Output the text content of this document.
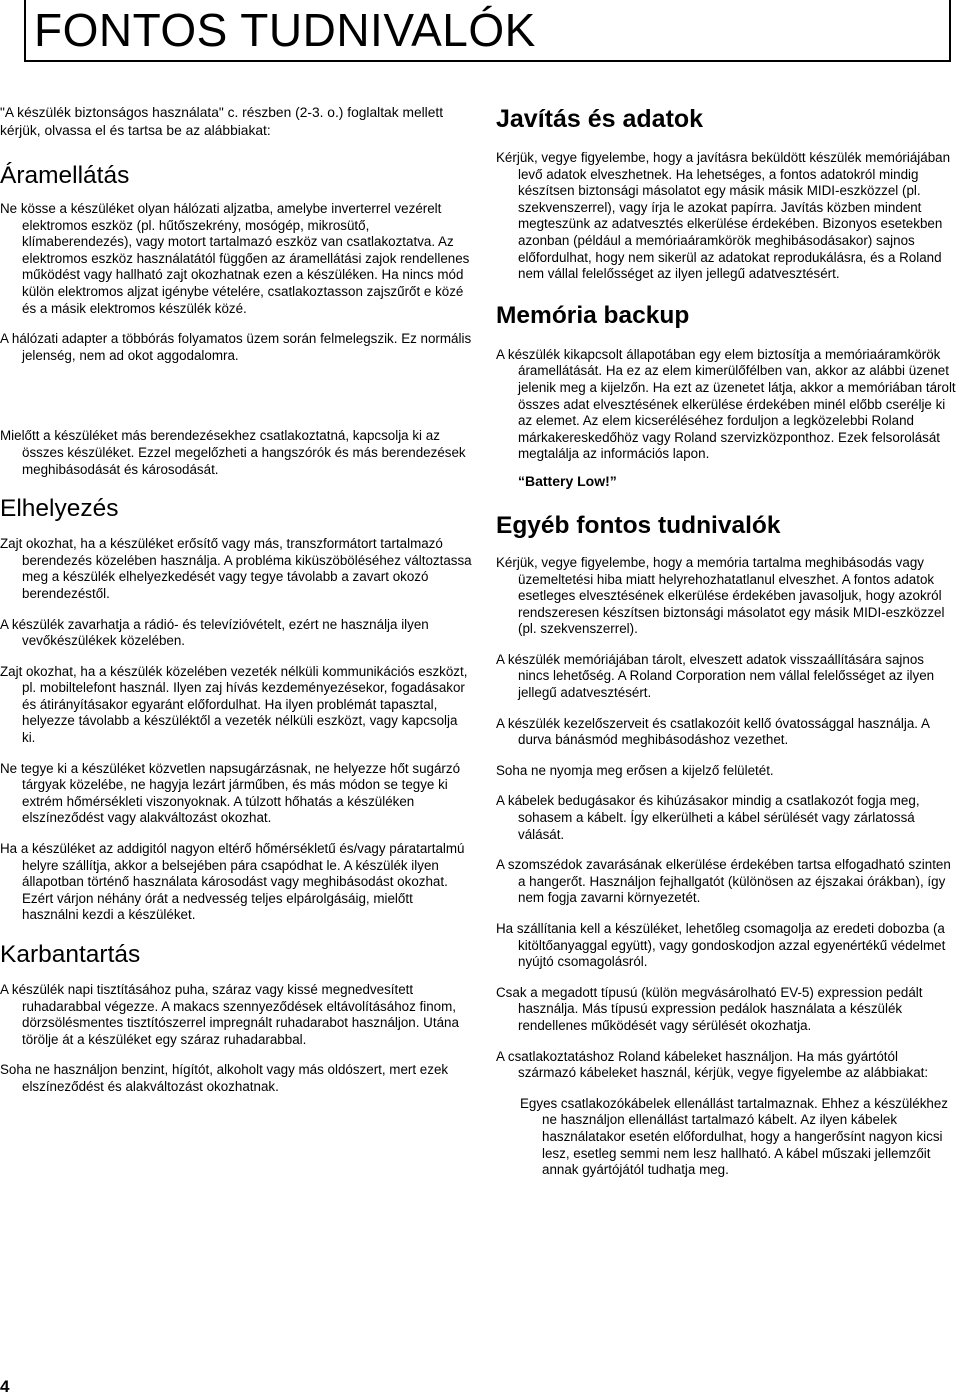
FONTOS TUDNIVALÓK

"A készülék biztonságos használata" c. részben (2-3. o.) foglaltak mellett kérjük, olvassa el és tartsa be az alábbiakat:

Áramellátás

Ne kösse a készüléket olyan hálózati aljzatba, amelybe inverterrel vezérelt elektromos eszköz (pl. hűtőszekrény, mosógép, mikrosütő, klímaberendezés), vagy motort tartalmazó eszköz van csatlakoztatva. Az elektromos eszköz használatától függően az áramellátási zajok rendellenes működést vagy hallható zajt okozhatnak ezen a készüléken. Ha nincs mód külön elektromos aljzat igénybe vételére, csatlakoztasson zajszűrőt e közé és a másik elektromos készülék közé.

A hálózati adapter a többórás folyamatos üzem során felmelegszik. Ez normális jelenség, nem ad okot aggodalomra.

Mielőtt a készüléket más berendezésekhez csatlakoztatná, kapcsolja ki az összes készüléket. Ezzel megelőzheti a hangszórók és más berendezések meghibásodását és károsodását.

Elhelyezés

Zajt okozhat, ha a készüléket erősítő vagy más, transzformátort tartalmazó berendezés közelében használja. A probléma kiküszöböléséhez változtassa meg a készülék elhelyezkedését vagy tegye távolabb a zavart okozó berendezéstől.

A készülék zavarhatja a rádió- és televízióvételt, ezért ne használja ilyen vevőkészülékek közelében.

Zajt okozhat, ha a készülék közelében vezeték nélküli kommunikációs eszközt, pl. mobiltelefont használ. Ilyen zaj hívás kezdeményezésekor, fogadásakor és átirányításakor egyaránt előfordulhat. Ha ilyen problémát tapasztal, helyezze távolabb a készüléktől a vezeték nélküli eszközt, vagy kapcsolja ki.

Ne tegye ki a készüléket közvetlen napsugárzásnak, ne helyezze hőt sugárzó tárgyak közelébe, ne hagyja lezárt járműben, és más módon se tegye ki extrém hőmérsékleti viszonyoknak. A túlzott hőhatás a készüléken elszíneződést vagy alakváltozást okozhat.

Ha a készüléket az addigitól nagyon eltérő hőmérsékletű és/vagy páratartalmú helyre szállítja, akkor a belsejében pára csapódhat le. A készülék ilyen állapotban történő használata károsodást vagy meghibásodást okozhat. Ezért várjon néhány órát a nedvesség teljes elpárolgásáig, mielőtt használni kezdi a készüléket.

Karbantartás

A készülék napi tisztításához puha, száraz vagy kissé megnedvesített ruhadarabbal végezze. A makacs szennyeződések eltávolításához finom, dörzsölésmentes tisztítószerrel impregnált ruhadarabot használjon. Utána törölje át a készüléket egy száraz ruhadarabbal.

Soha ne használjon benzint, hígítót, alkoholt vagy más oldószert, mert ezek elszíneződést és alakváltozást okozhatnak.

Javítás és adatok

Kérjük, vegye figyelembe, hogy a javításra beküldött készülék memóriájában levő adatok elveszhetnek. Ha lehetséges, a fontos adatokról mindig készítsen biztonsági másolatot egy másik másik MIDI-eszközzel (pl. szekvenszerrel), vagy írja le azokat papírra. Javítás közben mindent megteszünk az adatvesztés elkerülése érdekében. Bizonyos esetekben azonban (például a memóriaáramkörök meghibásodásakor) sajnos előfordulhat, hogy nem sikerül az adatokat reprodukálásra, és a Roland nem vállal felelősséget az ilyen jellegű adatvesztésért.

Memória backup

A készülék kikapcsolt állapotában egy elem biztosítja a memóriaáramkörök áramellátását. Ha ez az elem kimerülőfélben van, akkor az alábbi üzenet jelenik meg a kijelzőn. Ha ezt az üzenetet látja, akkor a memóriában tárolt összes adat elvesztésének elkerülése érdekében minél előbb cserélje ki az elemet. Az elem kicseréléséhez forduljon a legközelebbi Roland márkakereskedőhöz vagy Roland szervizközponthoz. Ezek felsorolását megtalálja az információs lapon.

“Battery Low!”

Egyéb fontos tudnivalók

Kérjük, vegye figyelembe, hogy a memória tartalma meghibásodás vagy üzemeltetési hiba miatt helyrehozhatatlanul elveszhet. A fontos adatok esetleges elvesztésének elkerülése érdekében javasoljuk, hogy azokról rendszeresen készítsen biztonsági másolatot egy másik MIDI-eszközzel (pl. szekvenszerrel).

A készülék memóriájában tárolt, elveszett adatok visszaállítására sajnos nincs lehetőség. A Roland Corporation nem vállal felelősséget az ilyen jellegű adatvesztésért.

A készülék kezelőszerveit és csatlakozóit kellő óvatossággal használja. A durva bánásmód meghibásodáshoz vezethet.

Soha ne nyomja meg erősen a kijelző felületét.

A kábelek bedugásakor és kihúzásakor mindig a csatlakozót fogja meg, sohasem a kábelt. Így elkerülheti a kábel sérülését vagy zárlatossá válását.

A szomszédok zavarásának elkerülése érdekében tartsa elfogadható szinten a hangerőt. Használjon fejhallgatót (különösen az éjszakai órákban), így nem fogja zavarni környezetét.

Ha szállítania kell a készüléket, lehetőleg csomagolja az eredeti dobozba (a kitöltőanyaggal együtt), vagy gondoskodjon azzal egyenértékű védelmet nyújtó csomagolásról.

Csak a megadott típusú (külön megvásárolható EV-5) expression pedált használja. Más típusú expression pedálok használata a készülék rendellenes működését vagy sérülését okozhatja.

A csatlakoztatáshoz Roland kábeleket használjon. Ha más gyártótól származó kábeleket használ, kérjük, vegye figyelembe az alábbiakat:

Egyes csatlakozókábelek ellenállást tartalmaznak. Ehhez a készülékhez ne használjon ellenállást tartalmazó kábelt. Az ilyen kábelek használatakor esetén előfordulhat, hogy a hangerősínt nagyon kicsi lesz, esetleg semmi nem lesz hallható. A kábel műszaki jellemzőit annak gyártójától tudhatja meg.

4
